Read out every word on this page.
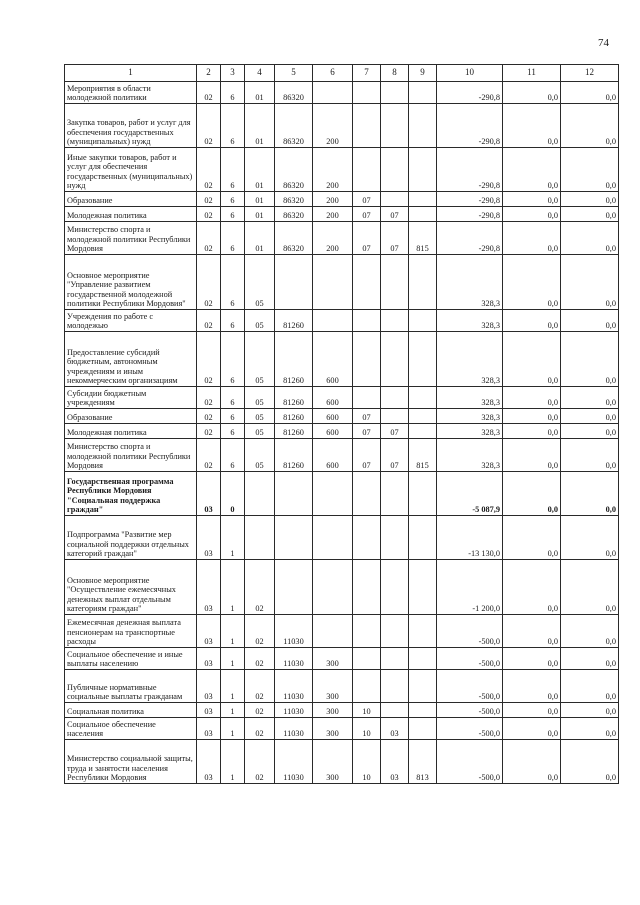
74
1	2	3	4	5	6	7	8	9	10	11	12
Мероприятия в области молодежной политики	02	6	01	86320					-290,8	0,0	0,0
Закупка товаров, работ и услуг для обеспечения государственных (муниципальных) нужд	02	6	01	86320	200				-290,8	0,0	0,0
Иные закупки товаров, работ и услуг для обеспечения государственных (муниципальных) нужд	02	6	01	86320	200				-290,8	0,0	0,0
Образование	02	6	01	86320	200	07			-290,8	0,0	0,0
Молодежная политика	02	6	01	86320	200	07	07		-290,8	0,0	0,0
Министерство спорта и молодежной политики Республики Мордовия	02	6	01	86320	200	07	07	815	-290,8	0,0	0,0
Основное мероприятие "Управление развитием государственной молодежной политики Республики Мордовия"	02	6	05						328,3	0,0	0,0
Учреждения по работе с молодежью	02	6	05	81260					328,3	0,0	0,0
Предоставление субсидий бюджетным, автономным учреждениям и иным некоммерческим организациям	02	6	05	81260	600				328,3	0,0	0,0
Субсидии бюджетным учреждениям	02	6	05	81260	600				328,3	0,0	0,0
Образование	02	6	05	81260	600	07			328,3	0,0	0,0
Молодежная политика	02	6	05	81260	600	07	07		328,3	0,0	0,0
Министерство спорта и молодежной политики Республики Мордовия	02	6	05	81260	600	07	07	815	328,3	0,0	0,0
Государственная программа Республики Мордовия "Социальная поддержка граждан"	03	0							-5 087,9	0,0	0,0
Подпрограмма "Развитие мер социальной поддержки отдельных категорий граждан"	03	1							-13 130,0	0,0	0,0
Основное мероприятие "Осуществление ежемесячных денежных выплат отдельным категориям граждан"	03	1	02						-1 200,0	0,0	0,0
Ежемесячная денежная выплата пенсионерам на транспортные расходы	03	1	02	11030					-500,0	0,0	0,0
Социальное обеспечение и иные выплаты населению	03	1	02	11030	300				-500,0	0,0	0,0
Публичные нормативные социальные выплаты гражданам	03	1	02	11030	300				-500,0	0,0	0,0
Социальная политика	03	1	02	11030	300	10			-500,0	0,0	0,0
Социальное обеспечение населения	03	1	02	11030	300	10	03		-500,0	0,0	0,0
Министерство социальной защиты, труда и занятости населения Республики Мордовия	03	1	02	11030	300	10	03	813	-500,0	0,0	0,0
